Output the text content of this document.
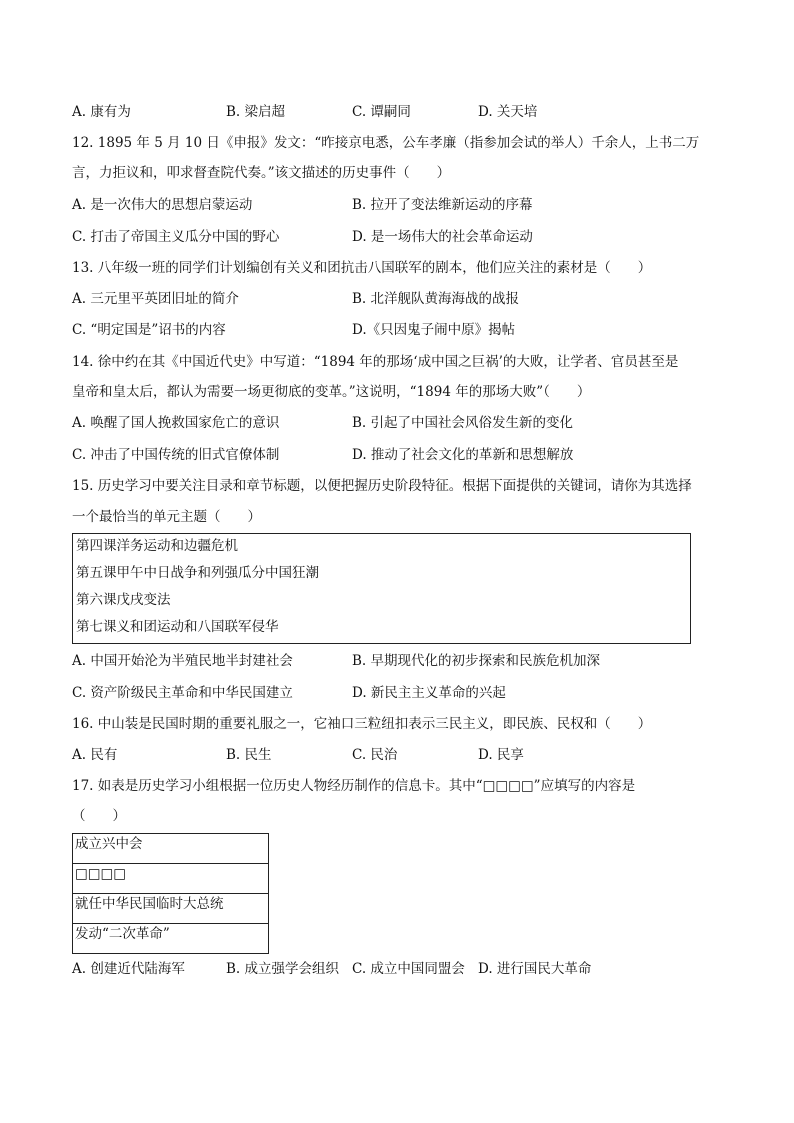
A. 康有为	B. 梁启超	C. 谭嗣同	D. 关天培
12. 1895 年 5 月 10 日《申报》发文：“昨接京电悉，公车孝廉（指参加会试的举人）千余人，上书二万
言，力拒议和，叩求督查院代奏。”该文描述的历史事件（　　）
A. 是一次伟大的思想启蒙运动	B. 拉开了变法维新运动的序幕
C. 打击了帝国主义瓜分中国的野心	D. 是一场伟大的社会革命运动
13. 八年级一班的同学们计划编创有关义和团抗击八国联军的剧本，他们应关注的素材是（　　）
A. 三元里平英团旧址的简介	B. 北洋舰队黄海海战的战报
C. “明定国是”诏书的内容	D.《只因鬼子闹中原》揭帖
14. 徐中约在其《中国近代史》中写道：“1894 年的那场‘成中国之巨祸’的大败，让学者、官员甚至是
皇帝和皇太后，都认为需要一场更彻底的变革。”这说明，“1894 年的那场大败”（　　）
A. 唤醒了国人挽救国家危亡的意识	B. 引起了中国社会风俗发生新的变化
C. 冲击了中国传统的旧式官僚体制	D. 推动了社会文化的革新和思想解放
15. 历史学习中要关注目录和章节标题，以便把握历史阶段特征。根据下面提供的关键词，请你为其选择
一个最恰当的单元主题（　　）
第四课洋务运动和边疆危机
第五课甲午中日战争和列强瓜分中国狂潮
第六课戊戌变法
第七课义和团运动和八国联军侵华
A. 中国开始沦为半殖民地半封建社会	B. 早期现代化的初步探索和民族危机加深
C. 资产阶级民主革命和中华民国建立	D. 新民主主义革命的兴起
16. 中山装是民国时期的重要礼服之一，它袖口三粒纽扣表示三民主义，即民族、民权和（　　）
A. 民有	B. 民生	C. 民治	D. 民享
17. 如表是历史学习小组根据一位历史人物经历制作的信息卡。其中“□□□□”应填写的内容是
（　　）
成立兴中会
□□□□
就任中华民国临时大总统
发动“二次革命”
A. 创建近代陆海军	B. 成立强学会组织 C. 成立中国同盟会 D. 进行国民大革命
